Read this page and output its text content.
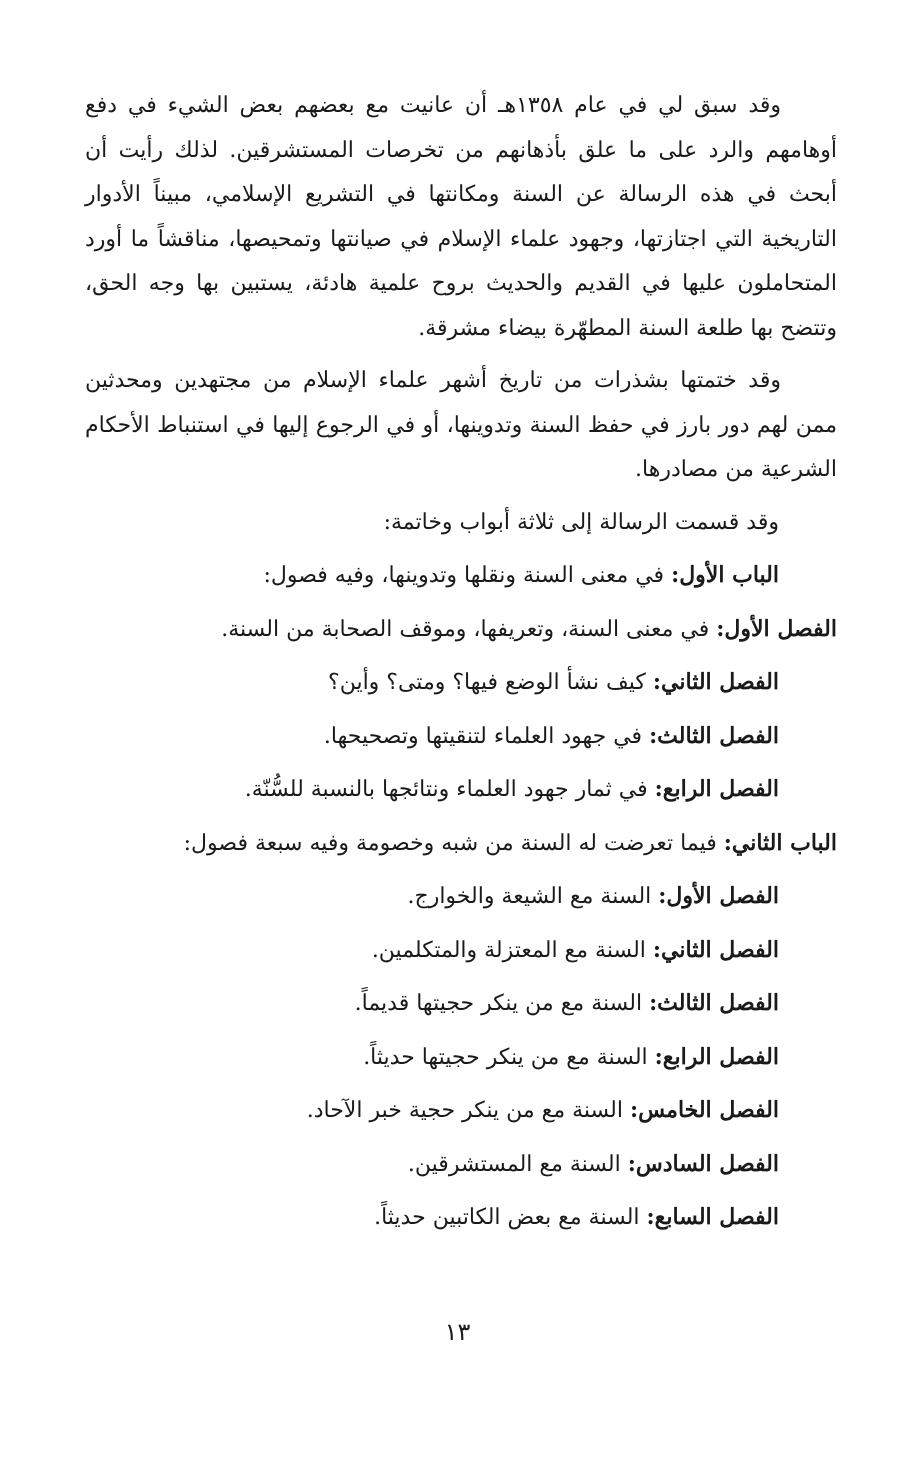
وقد سبق لي في عام ١٣٥٨هـ أن عانيت مع بعضهم بعض الشيء في دفع أوهامهم والرد على ما علق بأذهانهم من تخرصات المستشرقين. لذلك رأيت أن أبحث في هذه الرسالة عن السنة ومكانتها في التشريع الإسلامي، مبيناً الأدوار التاريخية التي اجتازتها، وجهود علماء الإسلام في صيانتها وتمحيصها، مناقشاً ما أورد المتحاملون عليها في القديم والحديث بروح علمية هادئة، يستبين بها وجه الحق، وتتضح بها طلعة السنة المطهّرة بيضاء مشرقة.

وقد ختمتها بشذرات من تاريخ أشهر علماء الإسلام من مجتهدين ومحدثين ممن لهم دور بارز في حفظ السنة وتدوينها، أو في الرجوع إليها في استنباط الأحكام الشرعية من مصادرها.

وقد قسمت الرسالة إلى ثلاثة أبواب وخاتمة:

الباب الأول: في معنى السنة ونقلها وتدوينها، وفيه فصول:

الفصل الأول: في معنى السنة، وتعريفها، وموقف الصحابة من السنة.

الفصل الثاني: كيف نشأ الوضع فيها؟ ومتى؟ وأين؟

الفصل الثالث: في جهود العلماء لتنقيتها وتصحيحها.

الفصل الرابع: في ثمار جهود العلماء ونتائجها بالنسبة للسُّنّة.

الباب الثاني: فيما تعرضت له السنة من شبه وخصومة وفيه سبعة فصول:

الفصل الأول: السنة مع الشيعة والخوارج.

الفصل الثاني: السنة مع المعتزلة والمتكلمين.

الفصل الثالث: السنة مع من ينكر حجيتها قديماً.

الفصل الرابع: السنة مع من ينكر حجيتها حديثاً.

الفصل الخامس: السنة مع من ينكر حجية خبر الآحاد.

الفصل السادس: السنة مع المستشرقين.

الفصل السابع: السنة مع بعض الكاتبين حديثاً.

١٣
